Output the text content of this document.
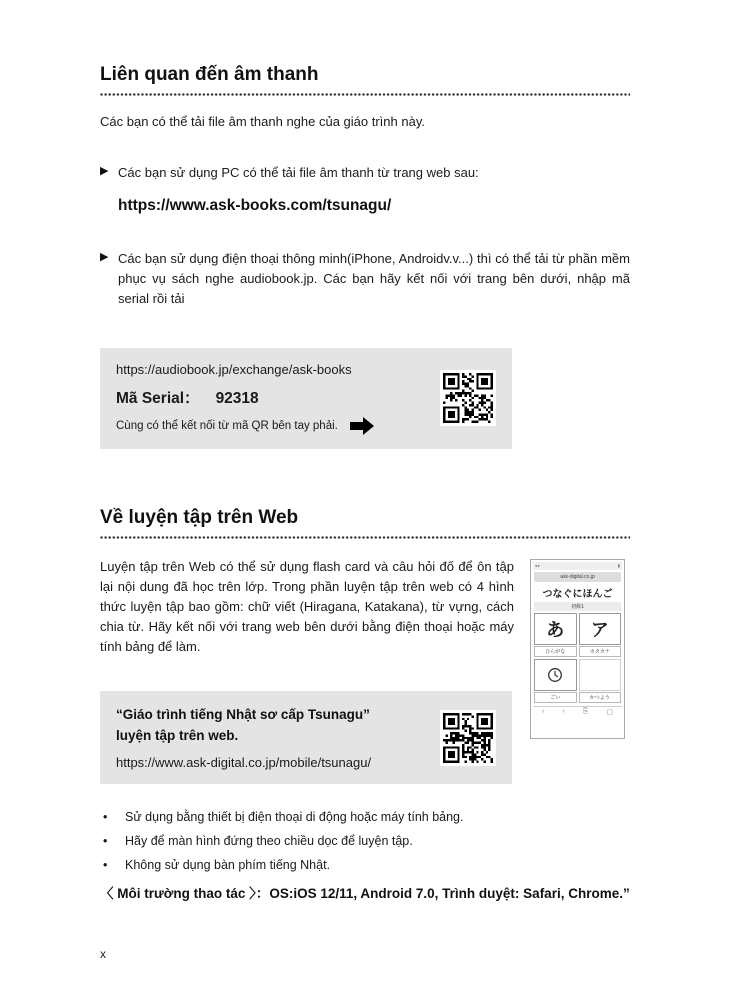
Liên quan đến âm thanh

Các bạn có thể tải file âm thanh nghe của giáo trình này.

▶ Các bạn sử dụng PC có thể tải file âm thanh từ trang web sau:

https://www.ask-books.com/tsunagu/

▶ Các bạn sử dụng điện thoại thông minh(iPhone, Androidv.v...) thì có thể tải từ phần mềm phục vụ sách nghe audiobook.jp. Các bạn hãy kết nối với trang bên dưới, nhập mã serial rồi tải

https://audiobook.jp/exchange/ask-books

Mã Serial： 92318

Cùng có thể kết nối từ mã QR bên tay phải.
Về luyện tập trên Web

Luyện tập trên Web có thể sử dụng flash card và câu hỏi đố để ôn tập lại nội dung đã học trên lớp. Trong phần luyện tập trên web có 4 hình thức luyện tập bao gồm: chữ viết (Hiragana, Katakana), từ vựng, cách chia từ. Hãy kết nối với trang web bên dưới bằng điện thoại hoặc máy tính bảng để làm.

“Giáo trình tiếng Nhật sơ cấp Tsunagu”

luyện tập trên web.

https://www.ask-digital.co.jp/mobile/tsunagu/

●●	▮
ask-digital.co.jp
つなぐにほんご
初級1
あ
ひらがな
ア
カタカナ
ごい	かつよう
‹	›	⎘	▢
•	Sử dụng bằng thiết bị điện thoại di động hoặc máy tính bảng.
•	Hãy để màn hình đứng theo chiều dọc để luyện tập.
•	Không sử dụng bàn phím tiếng Nhật.

〈 Môi trường thao tác 〉：OS:iOS 12/11, Android 7.0, Trình duyệt: Safari, Chrome.”

x
